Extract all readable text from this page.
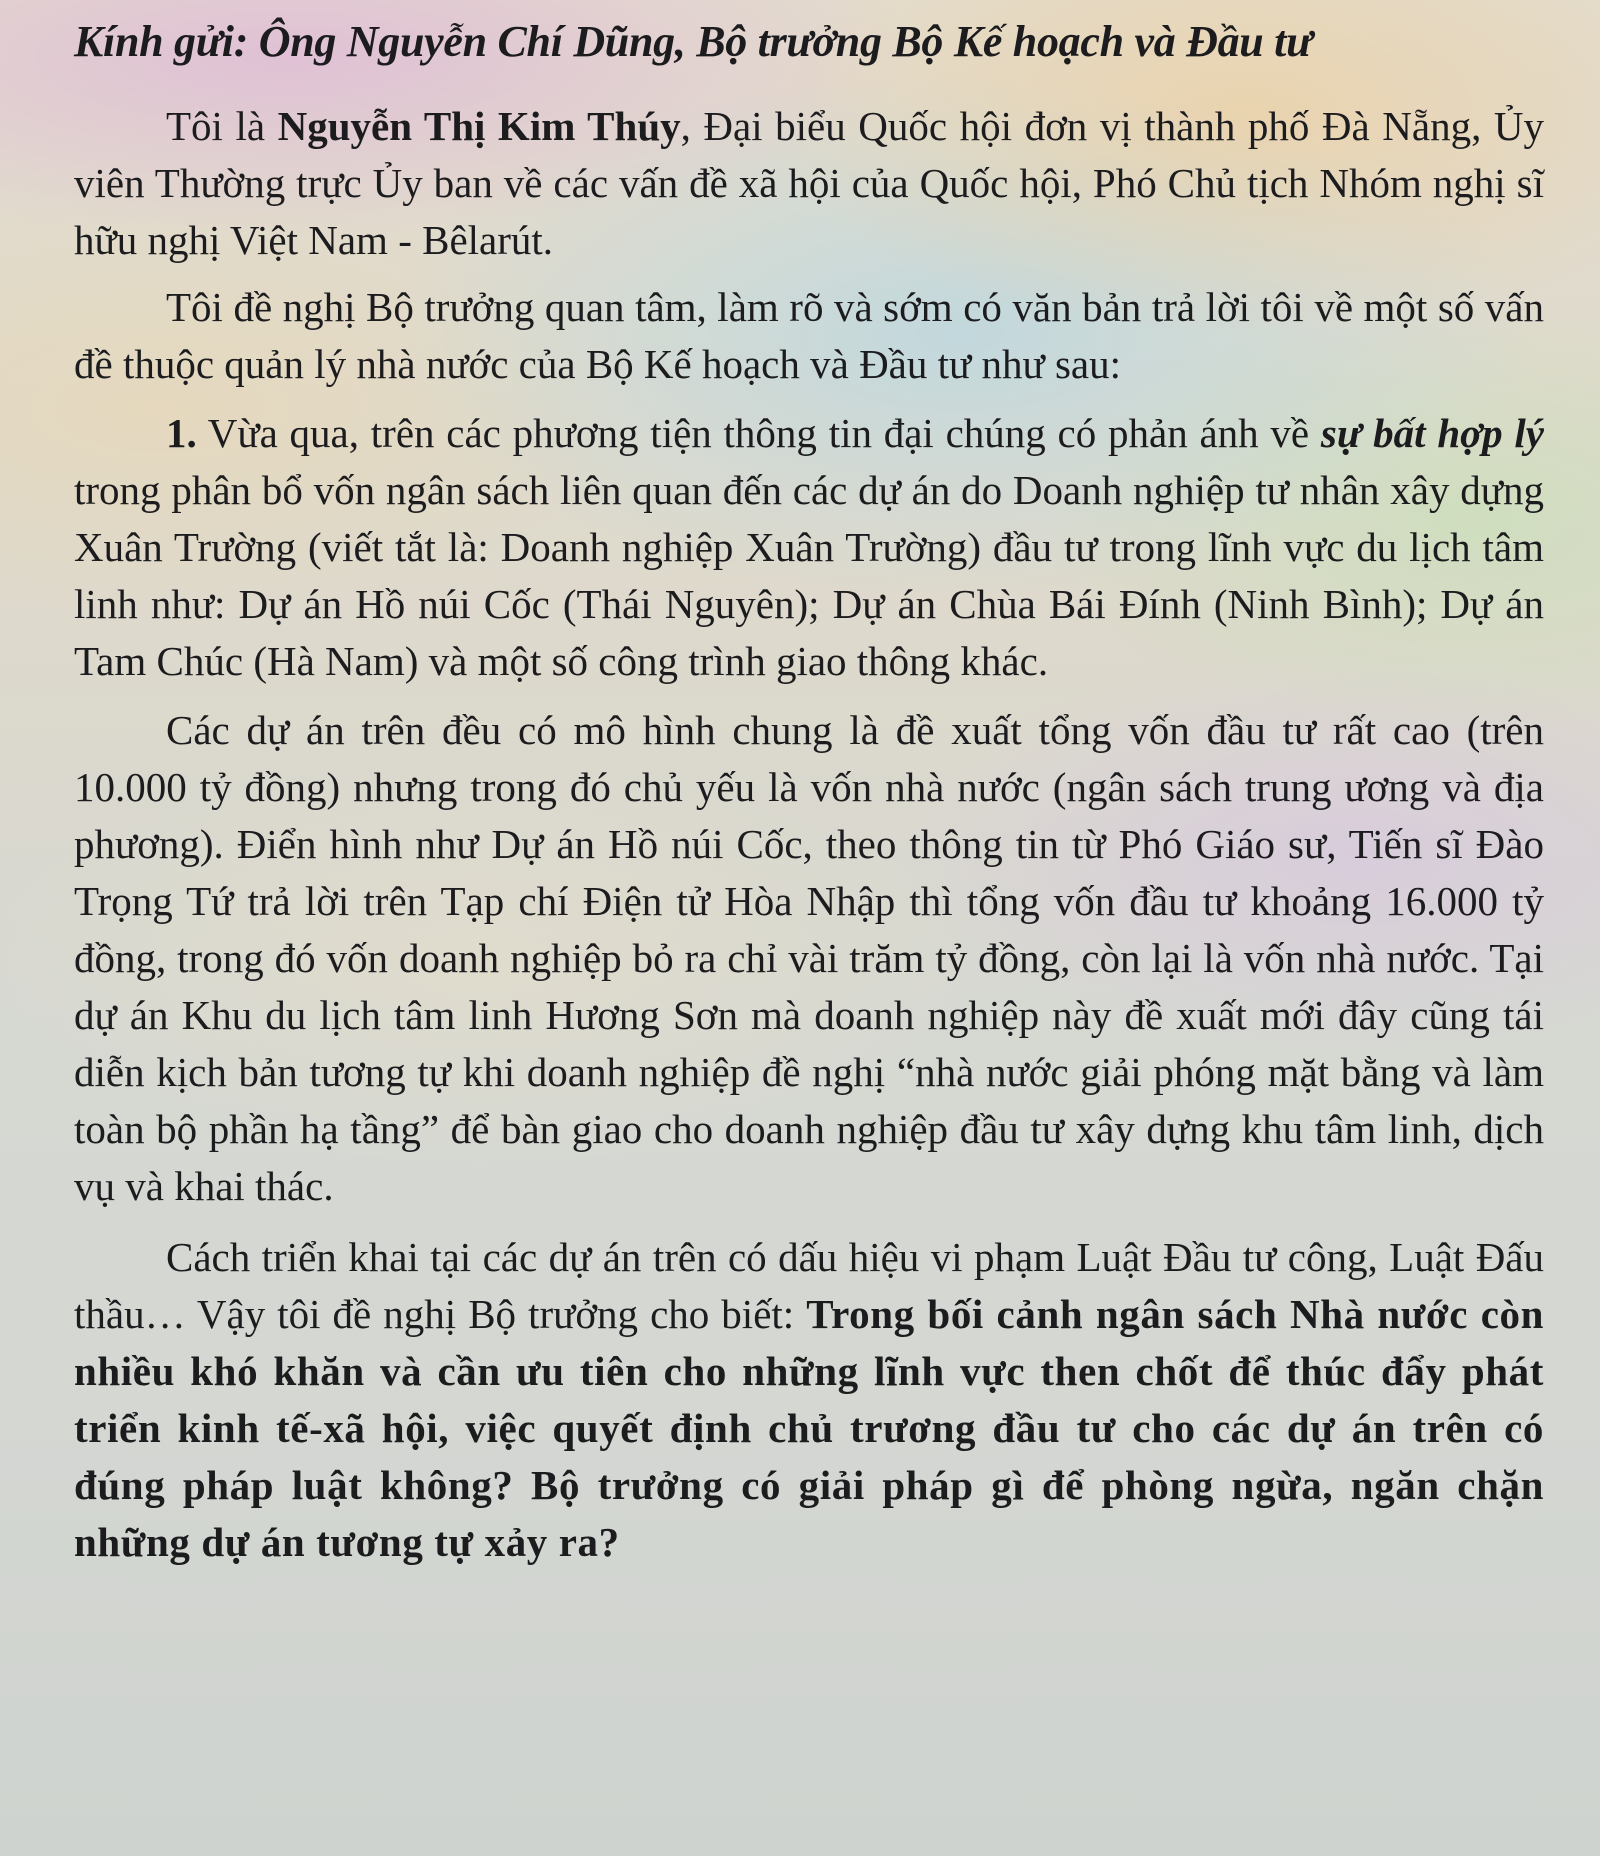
Kính gửi: Ông Nguyễn Chí Dũng, Bộ trưởng Bộ Kế hoạch và Đầu tư

Tôi là Nguyễn Thị Kim Thúy, Đại biểu Quốc hội đơn vị thành phố Đà Nẵng, Ủy viên Thường trực Ủy ban về các vấn đề xã hội của Quốc hội, Phó Chủ tịch Nhóm nghị sĩ hữu nghị Việt Nam - Bêlarút.

Tôi đề nghị Bộ trưởng quan tâm, làm rõ và sớm có văn bản trả lời tôi về một số vấn đề thuộc quản lý nhà nước của Bộ Kế hoạch và Đầu tư như sau:

1. Vừa qua, trên các phương tiện thông tin đại chúng có phản ánh về sự bất hợp lý trong phân bổ vốn ngân sách liên quan đến các dự án do Doanh nghiệp tư nhân xây dựng Xuân Trường (viết tắt là: Doanh nghiệp Xuân Trường) đầu tư trong lĩnh vực du lịch tâm linh như: Dự án Hồ núi Cốc (Thái Nguyên); Dự án Chùa Bái Đính (Ninh Bình); Dự án Tam Chúc (Hà Nam) và một số công trình giao thông khác.

Các dự án trên đều có mô hình chung là đề xuất tổng vốn đầu tư rất cao (trên 10.000 tỷ đồng) nhưng trong đó chủ yếu là vốn nhà nước (ngân sách trung ương và địa phương). Điển hình như Dự án Hồ núi Cốc, theo thông tin từ Phó Giáo sư, Tiến sĩ Đào Trọng Tứ trả lời trên Tạp chí Điện tử Hòa Nhập thì tổng vốn đầu tư khoảng 16.000 tỷ đồng, trong đó vốn doanh nghiệp bỏ ra chỉ vài trăm tỷ đồng, còn lại là vốn nhà nước. Tại dự án Khu du lịch tâm linh Hương Sơn mà doanh nghiệp này đề xuất mới đây cũng tái diễn kịch bản tương tự khi doanh nghiệp đề nghị “nhà nước giải phóng mặt bằng và làm toàn bộ phần hạ tầng” để bàn giao cho doanh nghiệp đầu tư xây dựng khu tâm linh, dịch vụ và khai thác.

Cách triển khai tại các dự án trên có dấu hiệu vi phạm Luật Đầu tư công, Luật Đấu thầu… Vậy tôi đề nghị Bộ trưởng cho biết: Trong bối cảnh ngân sách Nhà nước còn nhiều khó khăn và cần ưu tiên cho những lĩnh vực then chốt để thúc đẩy phát triển kinh tế-xã hội, việc quyết định chủ trương đầu tư cho các dự án trên có đúng pháp luật không? Bộ trưởng có giải pháp gì để phòng ngừa, ngăn chặn những dự án tương tự xảy ra?
